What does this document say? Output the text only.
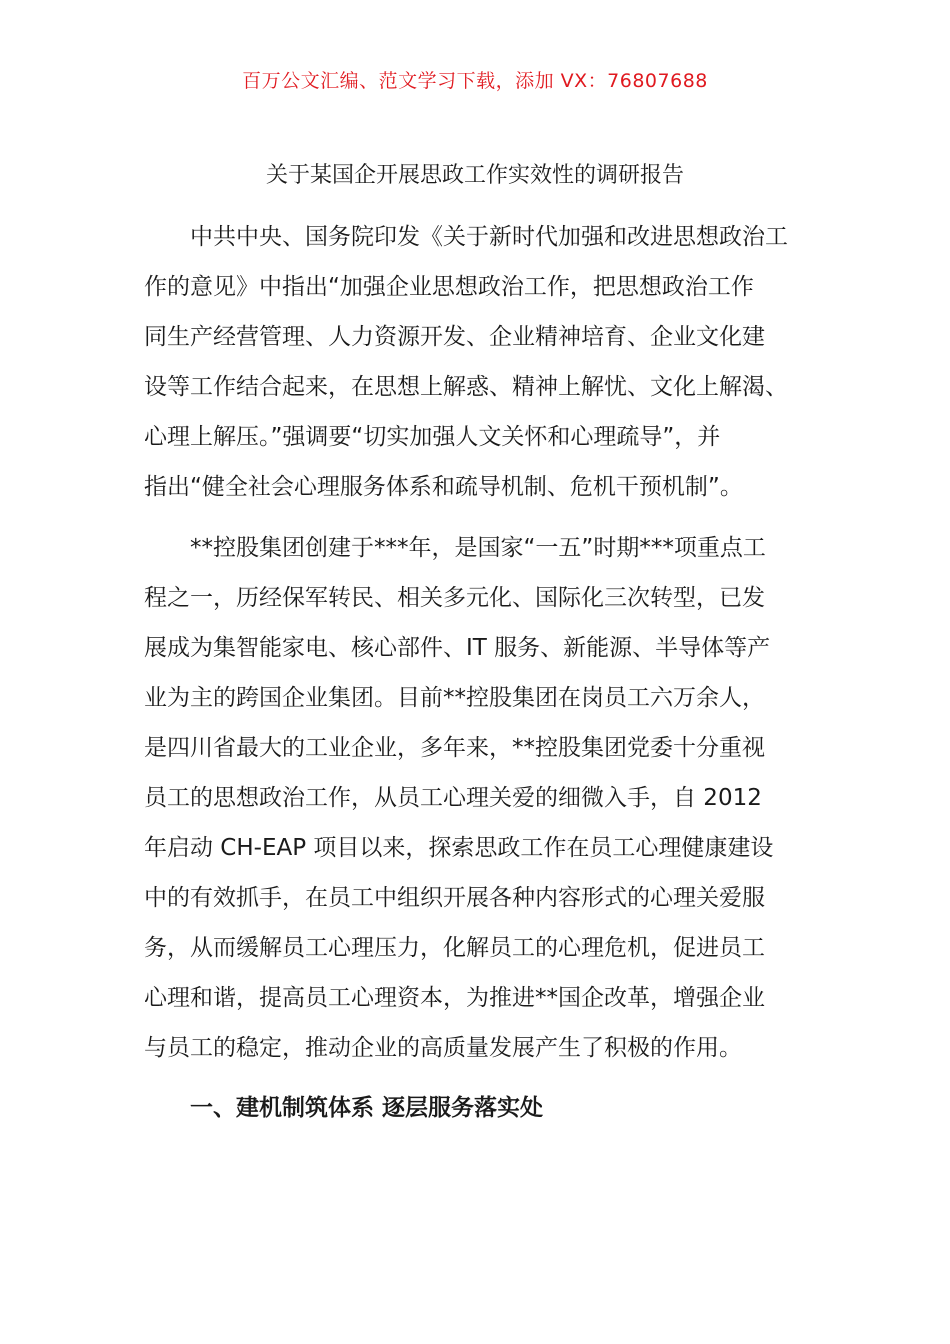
百万公文汇编、范文学习下载，添加 VX：76807688
关于某国企开展思政工作实效性的调研报告

中共中央、国务院印发《关于新时代加强和改进思想政治工
作的意见》中指出“加强企业思想政治工作，把思想政治工作
同生产经营管理、人力资源开发、企业精神培育、企业文化建
设等工作结合起来，在思想上解惑、精神上解忧、文化上解渴、
心理上解压。”强调要“切实加强人文关怀和心理疏导”，并
指出“健全社会心理服务体系和疏导机制、危机干预机制”。

**控股集团创建于***年，是国家“一五”时期***项重点工
程之一，历经保军转民、相关多元化、国际化三次转型，已发
展成为集智能家电、核心部件、IT 服务、新能源、半导体等产
业为主的跨国企业集团。目前**控股集团在岗员工六万余人，
是四川省最大的工业企业，多年来，**控股集团党委十分重视
员工的思想政治工作，从员工心理关爱的细微入手，自 2012
年启动 CH-EAP 项目以来，探索思政工作在员工心理健康建设
中的有效抓手，在员工中组织开展各种内容形式的心理关爱服
务，从而缓解员工心理压力，化解员工的心理危机，促进员工
心理和谐，提高员工心理资本，为推进**国企改革，增强企业
与员工的稳定，推动企业的高质量发展产生了积极的作用。

一、建机制筑体系 逐层服务落实处
